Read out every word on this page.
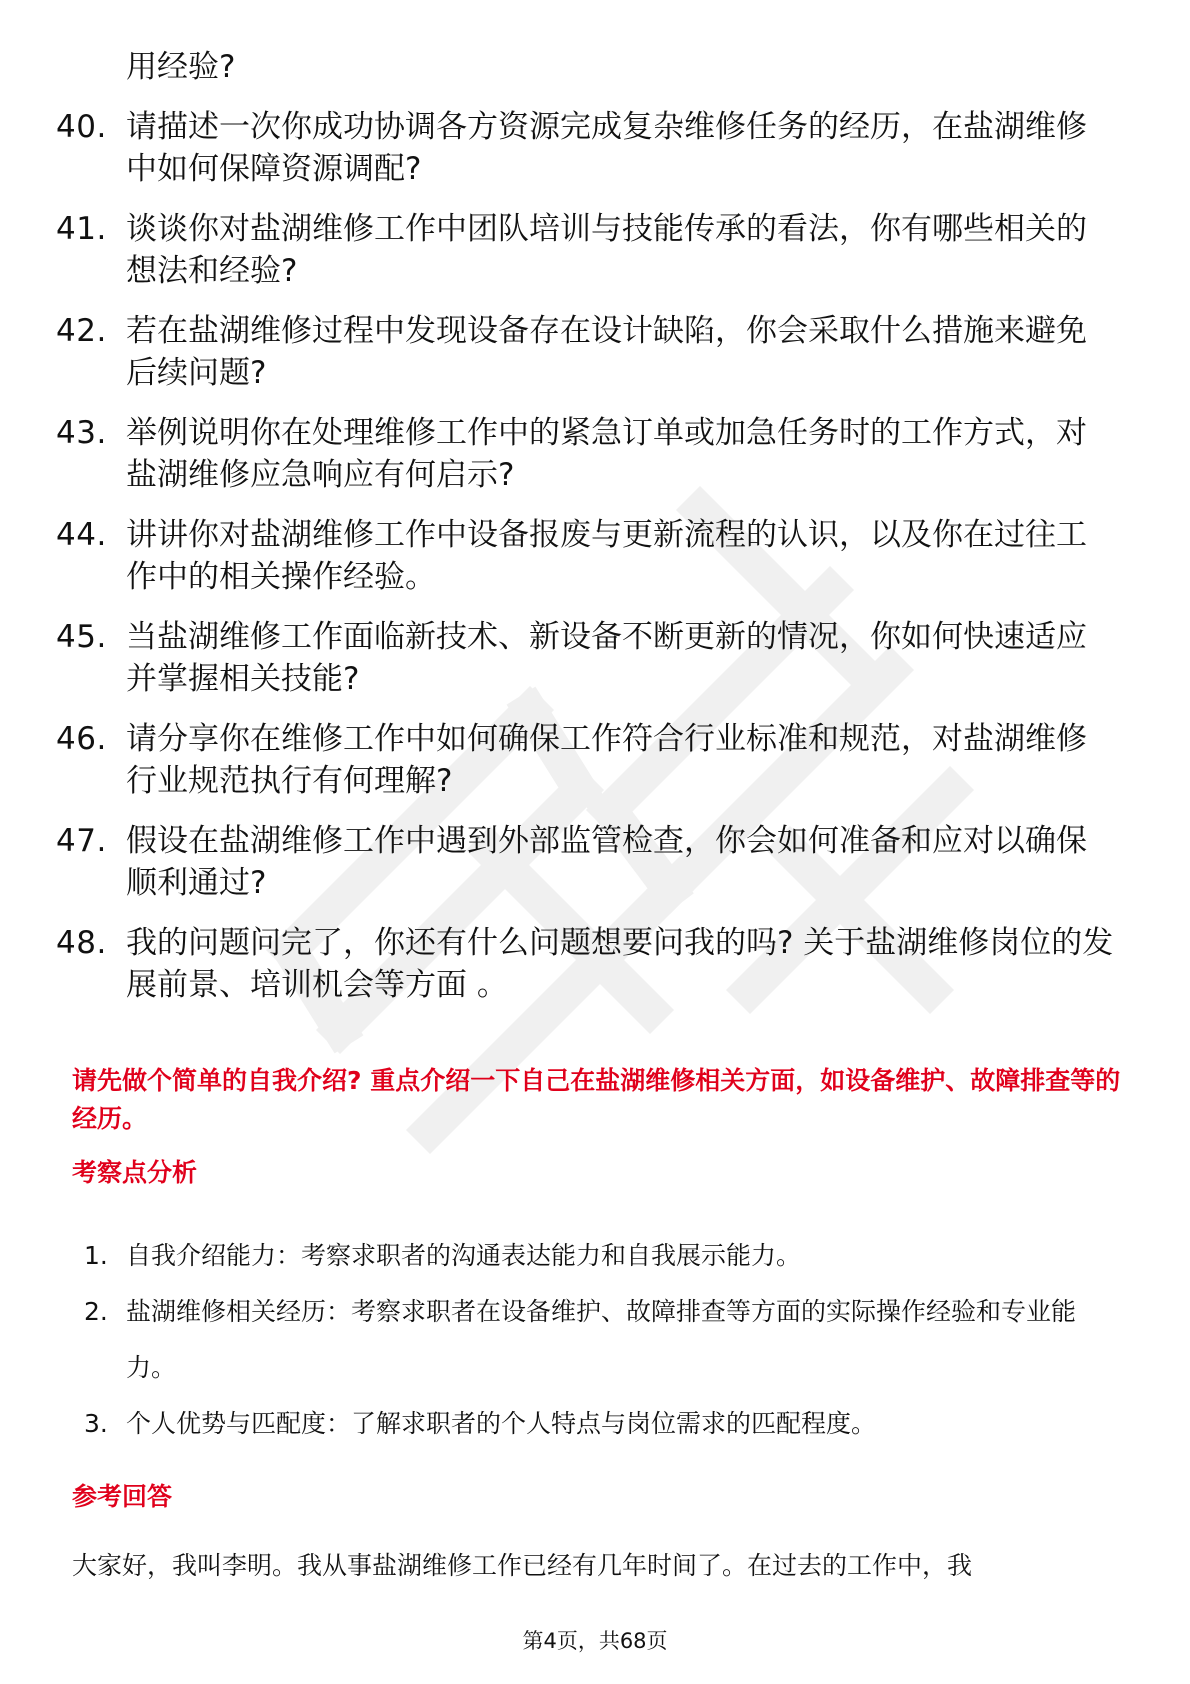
用经验?
40. 请描述一次你成功协调各方资源完成复杂维修任务的经历，在盐湖维修中如何保障资源调配?
41. 谈谈你对盐湖维修工作中团队培训与技能传承的看法，你有哪些相关的想法和经验?
42. 若在盐湖维修过程中发现设备存在设计缺陷，你会采取什么措施来避免后续问题?
43. 举例说明你在处理维修工作中的紧急订单或加急任务时的工作方式，对盐湖维修应急响应有何启示?
44. 讲讲你对盐湖维修工作中设备报废与更新流程的认识，以及你在过往工作中的相关操作经验。
45. 当盐湖维修工作面临新技术、新设备不断更新的情况，你如何快速适应并掌握相关技能?
46. 请分享你在维修工作中如何确保工作符合行业标准和规范，对盐湖维修行业规范执行有何理解?
47. 假设在盐湖维修工作中遇到外部监管检查，你会如何准备和应对以确保顺利通过?
48. 我的问题问完了，你还有什么问题想要问我的吗? 关于盐湖维修岗位的发展前景、培训机会等方面 。

请先做个简单的自我介绍? 重点介绍一下自己在盐湖维修相关方面，如设备维护、故障排查等的经历。

考察点分析
1. 自我介绍能力：考察求职者的沟通表达能力和自我展示能力。
2. 盐湖维修相关经历：考察求职者在设备维护、故障排查等方面的实际操作经验和专业能力。
3. 个人优势与匹配度：了解求职者的个人特点与岗位需求的匹配程度。
参考回答

大家好，我叫李明。我从事盐湖维修工作已经有几年时间了。在过去的工作中，我

第4页，共68页
